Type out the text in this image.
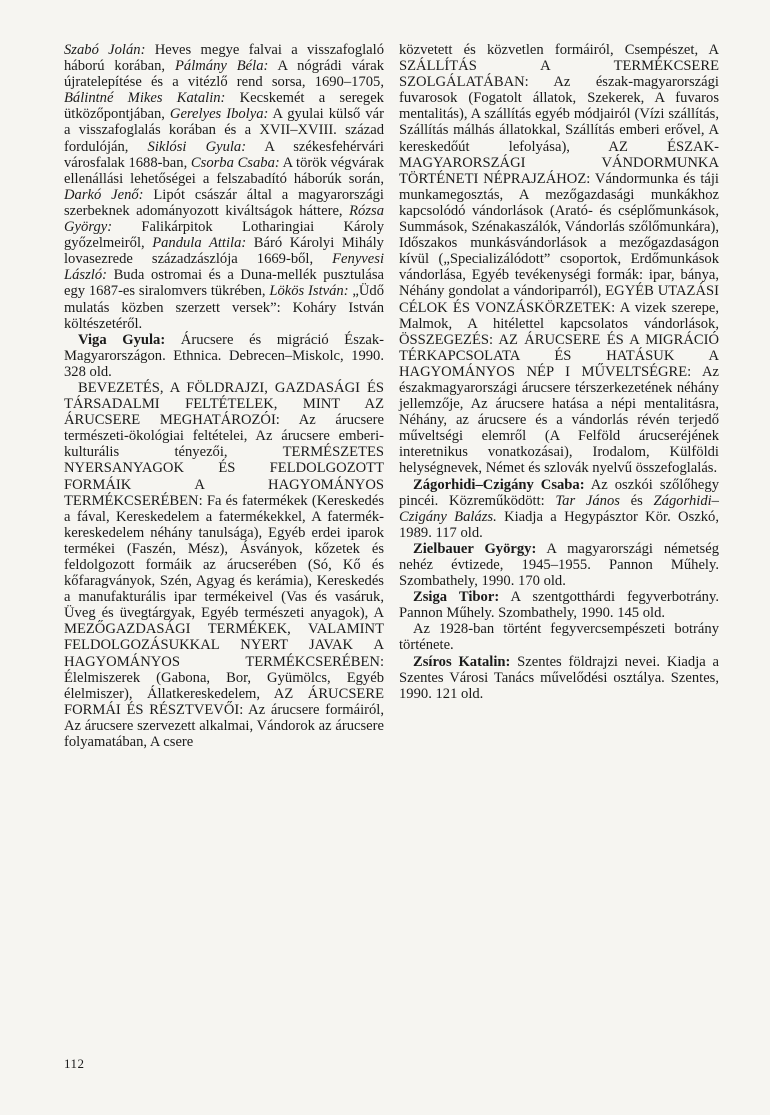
Szabó Jolán: Heves megye falvai a visszafoglaló háború korában, Pálmány Béla: A nógrádi várak újratelepítése és a vitézlő rend sorsa, 1690–1705, Bálintné Mikes Katalin: Kecskemét a seregek ütközőpontjában, Gerelyes Ibolya: A gyulai külső vár a visszafoglalás korában és a XVII–XVIII. század fordulóján, Siklósi Gyula: A székesfehérvári városfalak 1688-ban, Csorba Csaba: A török végvárak ellenállási lehetőségei a felszabadító háborúk során, Darkó Jenő: Lipót császár által a magyarországi szerbeknek adományozott kiváltságok háttere, Rózsa György: Falikárpitok Lotharingiai Károly győzelmeiről, Pandula Attila: Báró Károlyi Mihály lovasezrede századzászlója 1669-ből, Fenyvesi László: Buda ostromai és a Duna-mellék pusztulása egy 1687-es siralomvers tükrében, Lökös István: „Üdő mulatás közben szerzett versek”: Koháry István költészetéről.

Viga Gyula: Árucsere és migráció Észak-Magyarországon. Ethnica. Debrecen–Miskolc, 1990. 328 old.

BEVEZETÉS, A FÖLDRAJZI, GAZDASÁGI ÉS TÁRSADALMI FELTÉTELEK, MINT AZ ÁRUCSERE MEGHATÁROZÓI: Az árucsere természeti-ökológiai feltételei, Az árucsere emberi-kulturális tényezői, TERMÉSZETES NYERSANYAGOK ÉS FELDOLGOZOTT FORMÁIK A HAGYOMÁNYOS TERMÉKCSERÉBEN: Fa és fatermékek (Kereskedés a fával, Kereskedelem a fatermékekkel, A fatermék-kereskedelem néhány tanulsága), Egyéb erdei iparok termékei (Faszén, Mész), Ásványok, kőzetek és feldolgozott formáik az árucserében (Só, Kő és kőfaragványok, Szén, Agyag és kerámia), Kereskedés a manufakturális ipar termékeivel (Vas és vasáruk, Üveg és üvegtárgyak, Egyéb természeti anyagok), A MEZŐGAZDASÁGI TERMÉKEK, VALAMINT FELDOLGOZÁSUKKAL NYERT JAVAK A HAGYOMÁNYOS TERMÉKCSERÉBEN: Élelmiszerek (Gabona, Bor, Gyümölcs, Egyéb élelmiszer), Állatkereskedelem, AZ ÁRUCSERE FORMÁI ÉS RÉSZTVEVŐI: Az árucsere formáiról, Az árucsere szervezett alkalmai, Vándorok az árucsere folyamatában, A csere

közvetett és közvetlen formáiról, Csempészet, A SZÁLLÍTÁS A TERMÉKCSERE SZOLGÁLATÁBAN: Az észak-magyarországi fuvarosok (Fogatolt állatok, Szekerek, A fuvaros mentalitás), A szállítás egyéb módjairól (Vízi szállítás, Szállítás málhás állatokkal, Szállítás emberi erővel, A kereskedőút lefolyása), AZ ÉSZAK-MAGYARORSZÁGI VÁNDORMUNKA TÖRTÉNETI NÉPRAJZÁHOZ: Vándormunka és táji munkamegosztás, A mezőgazdasági munkákhoz kapcsolódó vándorlások (Arató- és cséplőmunkások, Summások, Szénakaszálók, Vándorlás szőlőmunkára), Időszakos munkásvándorlások a mezőgazdaságon kívül („Specializálódott” csoportok, Erdőmunkások vándorlása, Egyéb tevékenységi formák: ipar, bánya, Néhány gondolat a vándoriparról), EGYÉB UTAZÁSI CÉLOK ÉS VONZÁSKÖRZETEK: A vizek szerepe, Malmok, A hitélettel kapcsolatos vándorlások, ÖSSZEGEZÉS: AZ ÁRUCSERE ÉS A MIGRÁCIÓ TÉRKAPCSOLATA ÉS HATÁSUK A HAGYOMÁNYOS NÉP I MŰVELTSÉGRE: Az északmagyarországi árucsere térszerkezetének néhány jellemzője, Az árucsere hatása a népi mentalitásra, Néhány, az árucsere és a vándorlás révén terjedő műveltségi elemről (A Felföld árucseréjének interetnikus vonatkozásai), Irodalom, Külföldi helységnevek, Német és szlovák nyelvű összefoglalás.

Zágorhidi–Czigány Csaba: Az oszkói szőlőhegy pincéi. Közreműködött: Tar János és Zágorhidi–Czigány Balázs. Kiadja a Hegypásztor Kör. Oszkó, 1989. 117 old.

Zielbauer György: A magyarországi németség nehéz évtizede, 1945–1955. Pannon Műhely. Szombathely, 1990. 170 old.

Zsiga Tibor: A szentgotthárdi fegyverbotrány. Pannon Műhely. Szombathely, 1990. 145 old.

Az 1928-ban történt fegyvercsempészeti botrány története.

Zsíros Katalin: Szentes földrajzi nevei. Kiadja a Szentes Városi Tanács művelődési osztálya. Szentes, 1990. 121 old.

112
